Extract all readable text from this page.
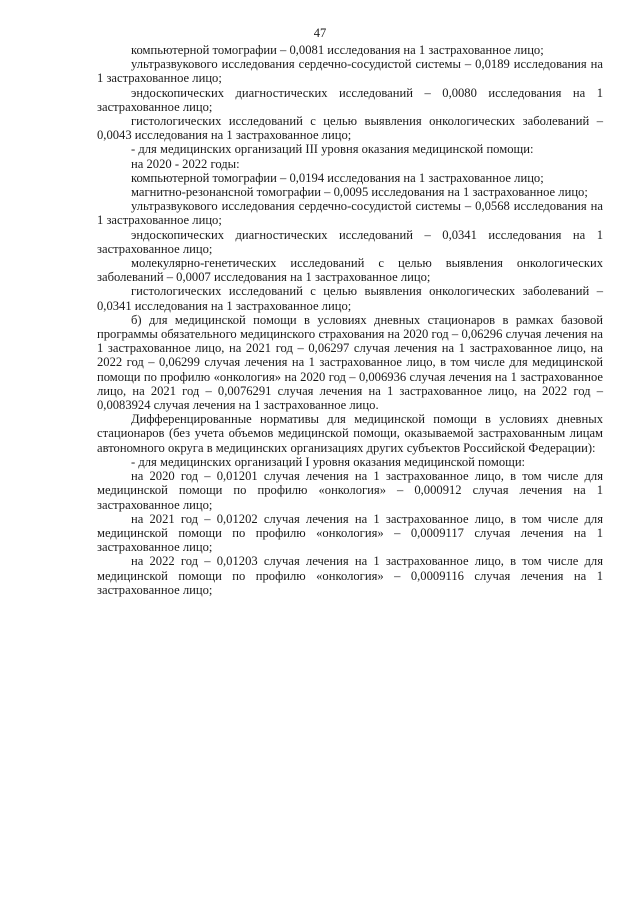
47

компьютерной томографии – 0,0081 исследования на 1 застрахованное лицо;

ультразвукового исследования сердечно-сосудистой системы – 0,0189 исследования на 1 застрахованное лицо;

эндоскопических диагностических исследований – 0,0080 исследования на 1 застрахованное лицо;

гистологических исследований с целью выявления онкологических заболеваний – 0,0043 исследования на 1 застрахованное лицо;

- для медицинских организаций III уровня оказания медицинской помощи:

на 2020 - 2022 годы:

компьютерной томографии – 0,0194 исследования на 1 застрахованное лицо;

магнитно-резонансной томографии – 0,0095 исследования на 1 застрахованное лицо;

ультразвукового исследования сердечно-сосудистой системы – 0,0568 исследования на 1 застрахованное лицо;

эндоскопических диагностических исследований – 0,0341 исследования на 1 застрахованное лицо;

молекулярно-генетических исследований с целью выявления онкологических заболеваний – 0,0007 исследования на 1 застрахованное лицо;

гистологических исследований с целью выявления онкологических заболеваний – 0,0341 исследования на 1 застрахованное лицо;

б) для медицинской помощи в условиях дневных стационаров в рамках базовой программы обязательного медицинского страхования на 2020 год – 0,06296 случая лечения на 1 застрахованное лицо, на 2021 год – 0,06297 случая лечения на 1 застрахованное лицо, на 2022 год – 0,06299 случая лечения на 1 застрахованное лицо, в том числе для медицинской помощи по профилю «онкология» на 2020 год – 0,006936 случая лечения на 1 застрахованное лицо, на 2021 год – 0,0076291 случая лечения на 1 застрахованное лицо, на 2022 год – 0,0083924 случая лечения на 1 застрахованное лицо.

Дифференцированные нормативы для медицинской помощи в условиях дневных стационаров (без учета объемов медицинской помощи, оказываемой застрахованным лицам автономного округа в медицинских организациях других субъектов Российской Федерации):

- для медицинских организаций I уровня оказания медицинской помощи:

на 2020 год – 0,01201 случая лечения на 1 застрахованное лицо, в том числе для медицинской помощи по профилю «онкология» – 0,000912 случая лечения на 1 застрахованное лицо;

на 2021 год – 0,01202 случая лечения на 1 застрахованное лицо, в том числе для медицинской помощи по профилю «онкология» – 0,0009117 случая лечения на 1 застрахованное лицо;

на 2022 год – 0,01203 случая лечения на 1 застрахованное лицо, в том числе для медицинской помощи по профилю «онкология» – 0,0009116 случая лечения на 1 застрахованное лицо;
